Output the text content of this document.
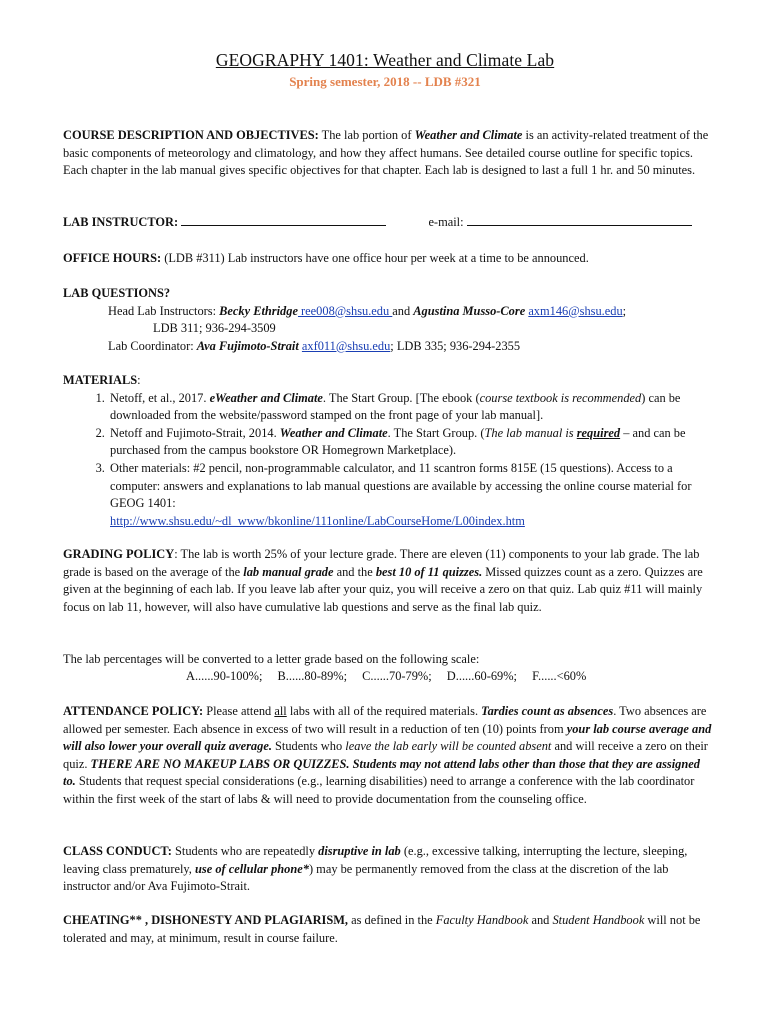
GEOGRAPHY 1401: Weather and Climate Lab
Spring semester, 2018 -- LDB #321
COURSE DESCRIPTION AND OBJECTIVES: The lab portion of Weather and Climate is an activity-related treatment of the basic components of meteorology and climatology, and how they affect humans. See detailed course outline for specific topics. Each chapter in the lab manual gives specific objectives for that chapter. Each lab is designed to last a full 1 hr. and 50 minutes.
LAB INSTRUCTOR:	e-mail:
OFFICE HOURS: (LDB #311) Lab instructors have one office hour per week at a time to be announced.
LAB QUESTIONS?
Head Lab Instructors: Becky Ethridge ree008@shsu.edu and Agustina Musso-Core axm146@shsu.edu;
LDB 311; 936-294-3509
Lab Coordinator: Ava Fujimoto-Strait axf011@shsu.edu; LDB 335; 936-294-2355
MATERIALS:
1. Netoff, et al., 2017. eWeather and Climate. The Start Group. [The ebook (course textbook is recommended) can be downloaded from the website/password stamped on the front page of your lab manual].
2. Netoff and Fujimoto-Strait, 2014. Weather and Climate. The Start Group. (The lab manual is required – and can be purchased from the campus bookstore OR Homegrown Marketplace).
3. Other materials: #2 pencil, non-programmable calculator, and 11 scantron forms 815E (15 questions). Access to a computer: answers and explanations to lab manual questions are available by accessing the online course material for GEOG 1401:
http://www.shsu.edu/~dl_www/bkonline/111online/LabCourseHome/L00index.htm
GRADING POLICY: The lab is worth 25% of your lecture grade. There are eleven (11) components to your lab grade. The lab grade is based on the average of the lab manual grade and the best 10 of 11 quizzes. Missed quizzes count as a zero. Quizzes are given at the beginning of each lab. If you leave lab after your quiz, you will receive a zero on that quiz. Lab quiz #11 will mainly focus on lab 11, however, will also have cumulative lab questions and serve as the final lab quiz.
The lab percentages will be converted to a letter grade based on the following scale:
A......90-100%; B......80-89%; C......70-79%; D......60-69%; F......<60%
ATTENDANCE POLICY: Please attend all labs with all of the required materials. Tardies count as absences. Two absences are allowed per semester. Each absence in excess of two will result in a reduction of ten (10) points from your lab course average and will also lower your overall quiz average. Students who leave the lab early will be counted absent and will receive a zero on their quiz. THERE ARE NO MAKEUP LABS OR QUIZZES. Students may not attend labs other than those that they are assigned to. Students that request special considerations (e.g., learning disabilities) need to arrange a conference with the lab coordinator within the first week of the start of labs & will need to provide documentation from the counseling office.
CLASS CONDUCT: Students who are repeatedly disruptive in lab (e.g., excessive talking, interrupting the lecture, sleeping, leaving class prematurely, use of cellular phone*) may be permanently removed from the class at the discretion of the lab instructor and/or Ava Fujimoto-Strait.
CHEATING** , DISHONESTY AND PLAGIARISM, as defined in the Faculty Handbook and Student Handbook will not be tolerated and may, at minimum, result in course failure.
